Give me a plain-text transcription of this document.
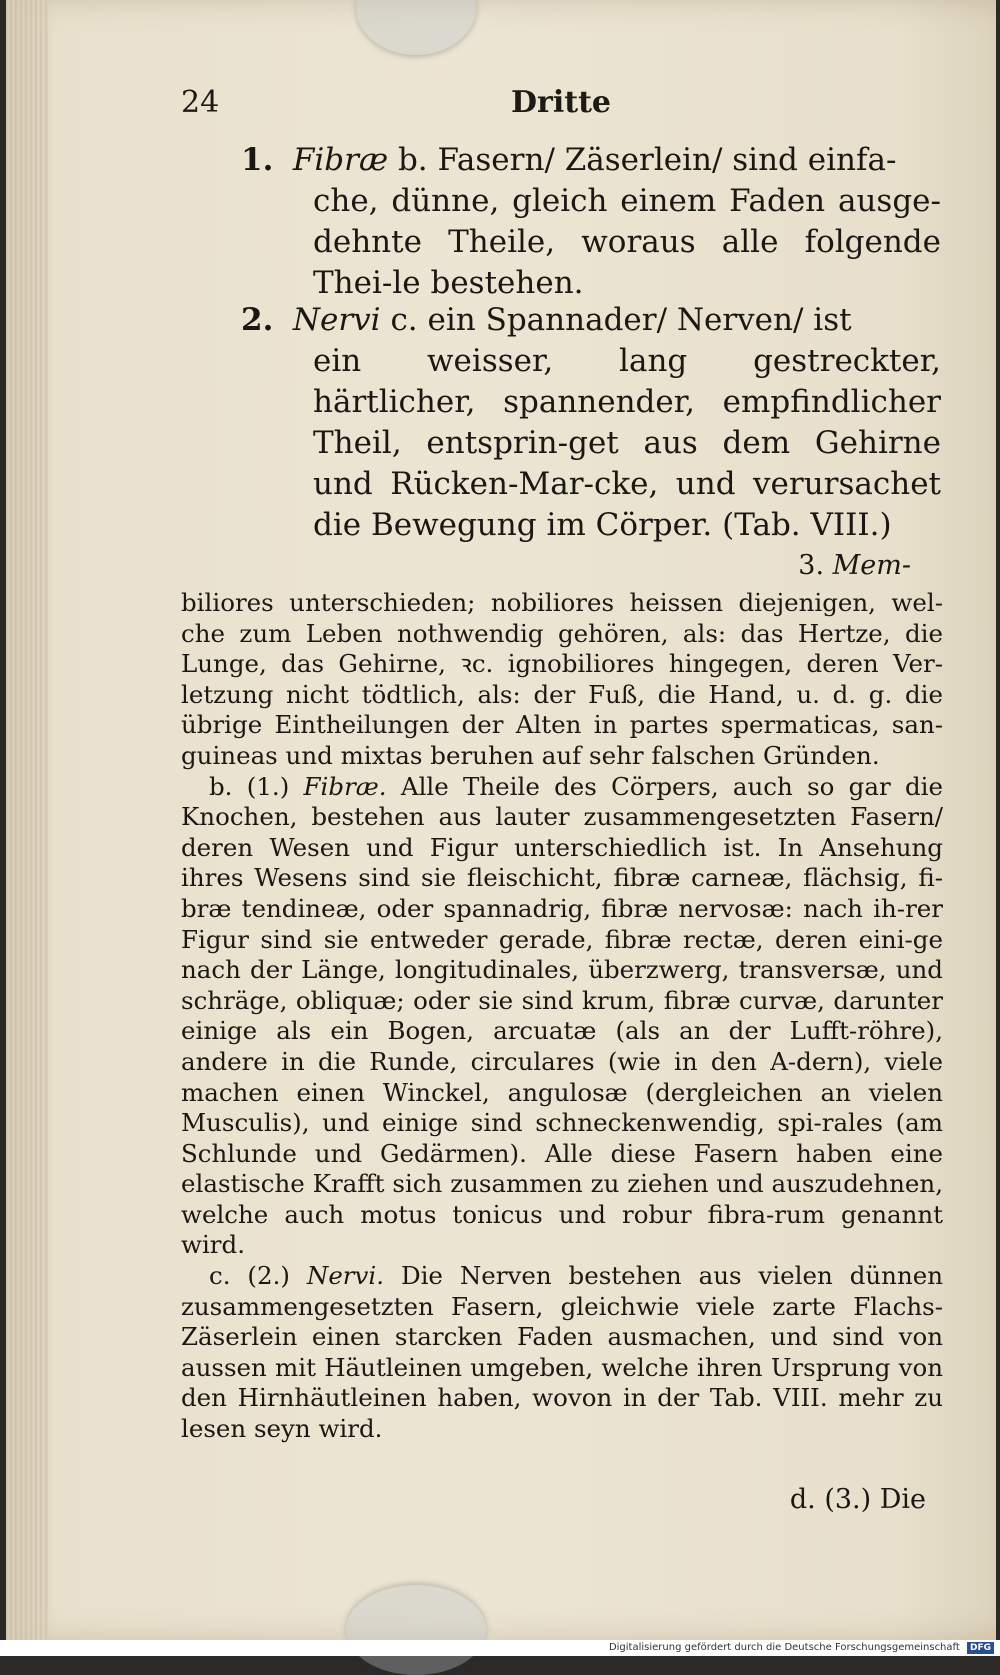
24	Dritte
1. Fibræ b. Fasern/ Zäserlein/ sind einfa-
che, dünne, gleich einem Faden ausge-dehnte Theile, woraus alle folgende Thei-le bestehen.
2. Nervi c. ein Spannader/ Nerven/ ist
ein weisser, lang gestreckter, härtlicher, spannender, empfindlicher Theil, entsprin-get aus dem Gehirne und Rücken-Mar-cke, und verursachet die Bewegung im Cörper. (Tab. VIII.)
3. Mem-

biliores unterschieden; nobiliores heissen diejenigen, wel-che zum Leben nothwendig gehören, als: das Hertze, die Lunge, das Gehirne, ꝛc. ignobiliores hingegen, deren Ver-letzung nicht tödtlich, als: der Fuß, die Hand, u. d. g. die übrige Eintheilungen der Alten in partes spermaticas, san-guineas und mixtas beruhen auf sehr falschen Gründen.

b. (1.) Fibræ. Alle Theile des Cörpers, auch so gar die Knochen, bestehen aus lauter zusammengesetzten Fasern/ deren Wesen und Figur unterschiedlich ist. In Ansehung ihres Wesens sind sie fleischicht, fibræ carneæ, flächsig, fi-bræ tendineæ, oder spannadrig, fibræ nervosæ: nach ih-rer Figur sind sie entweder gerade, fibræ rectæ, deren eini-ge nach der Länge, longitudinales, überzwerg, transversæ, und schräge, obliquæ; oder sie sind krum, fibræ curvæ, darunter einige als ein Bogen, arcuatæ (als an der Lufft-röhre), andere in die Runde, circulares (wie in den A-dern), viele machen einen Winckel, angulosæ (dergleichen an vielen Musculis), und einige sind schneckenwendig, spi-rales (am Schlunde und Gedärmen). Alle diese Fasern haben eine elastische Krafft sich zusammen zu ziehen und auszudehnen, welche auch motus tonicus und robur fibra-rum genannt wird.

c. (2.) Nervi. Die Nerven bestehen aus vielen dünnen zusammengesetzten Fasern, gleichwie viele zarte Flachs-Zäserlein einen starcken Faden ausmachen, und sind von aussen mit Häutleinen umgeben, welche ihren Ursprung von den Hirnhäutleinen haben, wovon in der Tab. VIII. mehr zu lesen seyn wird.

d. (3.) Die
Digitalisierung gefördert durch die Deutsche Forschungsgemeinschaft DFG
